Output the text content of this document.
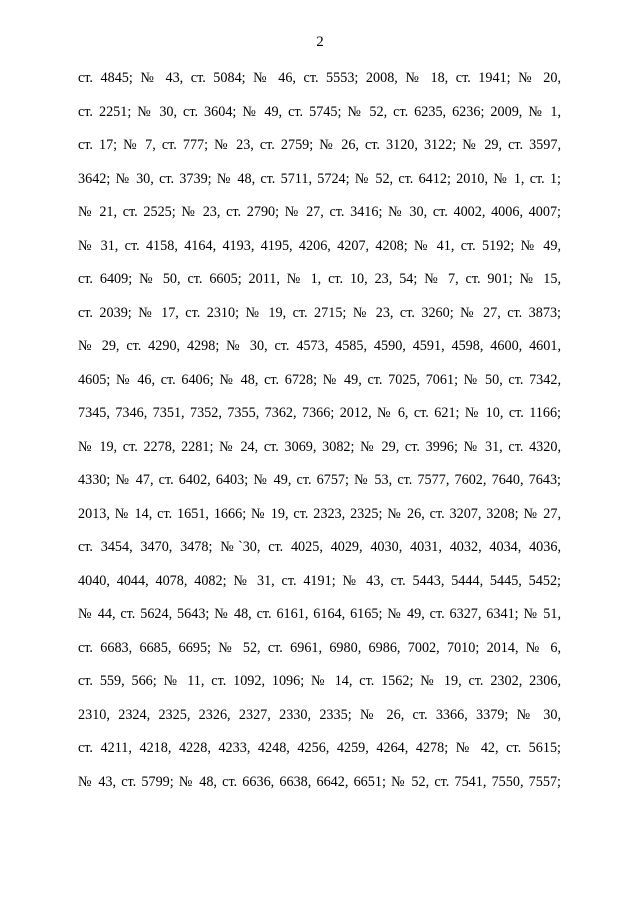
2
ст. 4845; № 43, ст. 5084; № 46, ст. 5553; 2008, № 18, ст. 1941; № 20,
ст. 2251; № 30, ст. 3604; № 49, ст. 5745; № 52, ст. 6235, 6236; 2009, № 1,
ст. 17; № 7, ст. 777; № 23, ст. 2759; № 26, ст. 3120, 3122; № 29, ст. 3597,
3642; № 30, ст. 3739; № 48, ст. 5711, 5724; № 52, ст. 6412; 2010, № 1, ст. 1;
№ 21, ст. 2525; № 23, ст. 2790; № 27, ст. 3416; № 30, ст. 4002, 4006, 4007;
№ 31, ст. 4158, 4164, 4193, 4195, 4206, 4207, 4208; № 41, ст. 5192; № 49,
ст. 6409; № 50, ст. 6605; 2011, № 1, ст. 10, 23, 54; № 7, ст. 901; № 15,
ст. 2039; № 17, ст. 2310; № 19, ст. 2715; № 23, ст. 3260; № 27, ст. 3873;
№ 29, ст. 4290, 4298; № 30, ст. 4573, 4585, 4590, 4591, 4598, 4600, 4601,
4605; № 46, ст. 6406; № 48, ст. 6728; № 49, ст. 7025, 7061; № 50, ст. 7342,
7345, 7346, 7351, 7352, 7355, 7362, 7366; 2012, № 6, ст. 621; № 10, ст. 1166;
№ 19, ст. 2278, 2281; № 24, ст. 3069, 3082; № 29, ст. 3996; № 31, ст. 4320,
4330; № 47, ст. 6402, 6403; № 49, ст. 6757; № 53, ст. 7577, 7602, 7640, 7643;
2013, № 14, ст. 1651, 1666; № 19, ст. 2323, 2325; № 26, ст. 3207, 3208; № 27,
ст. 3454, 3470, 3478; №`30, ст. 4025, 4029, 4030, 4031, 4032, 4034, 4036,
4040, 4044, 4078, 4082; № 31, ст. 4191; № 43, ст. 5443, 5444, 5445, 5452;
№ 44, ст. 5624, 5643; № 48, ст. 6161, 6164, 6165; № 49, ст. 6327, 6341; № 51,
ст. 6683, 6685, 6695; № 52, ст. 6961, 6980, 6986, 7002, 7010; 2014, № 6,
ст. 559, 566; № 11, ст. 1092, 1096; № 14, ст. 1562; № 19, ст. 2302, 2306,
2310, 2324, 2325, 2326, 2327, 2330, 2335; № 26, ст. 3366, 3379; № 30,
ст. 4211, 4218, 4228, 4233, 4248, 4256, 4259, 4264, 4278; № 42, ст. 5615;
№ 43, ст. 5799; № 48, ст. 6636, 6638, 6642, 6651; № 52, ст. 7541, 7550, 7557;
